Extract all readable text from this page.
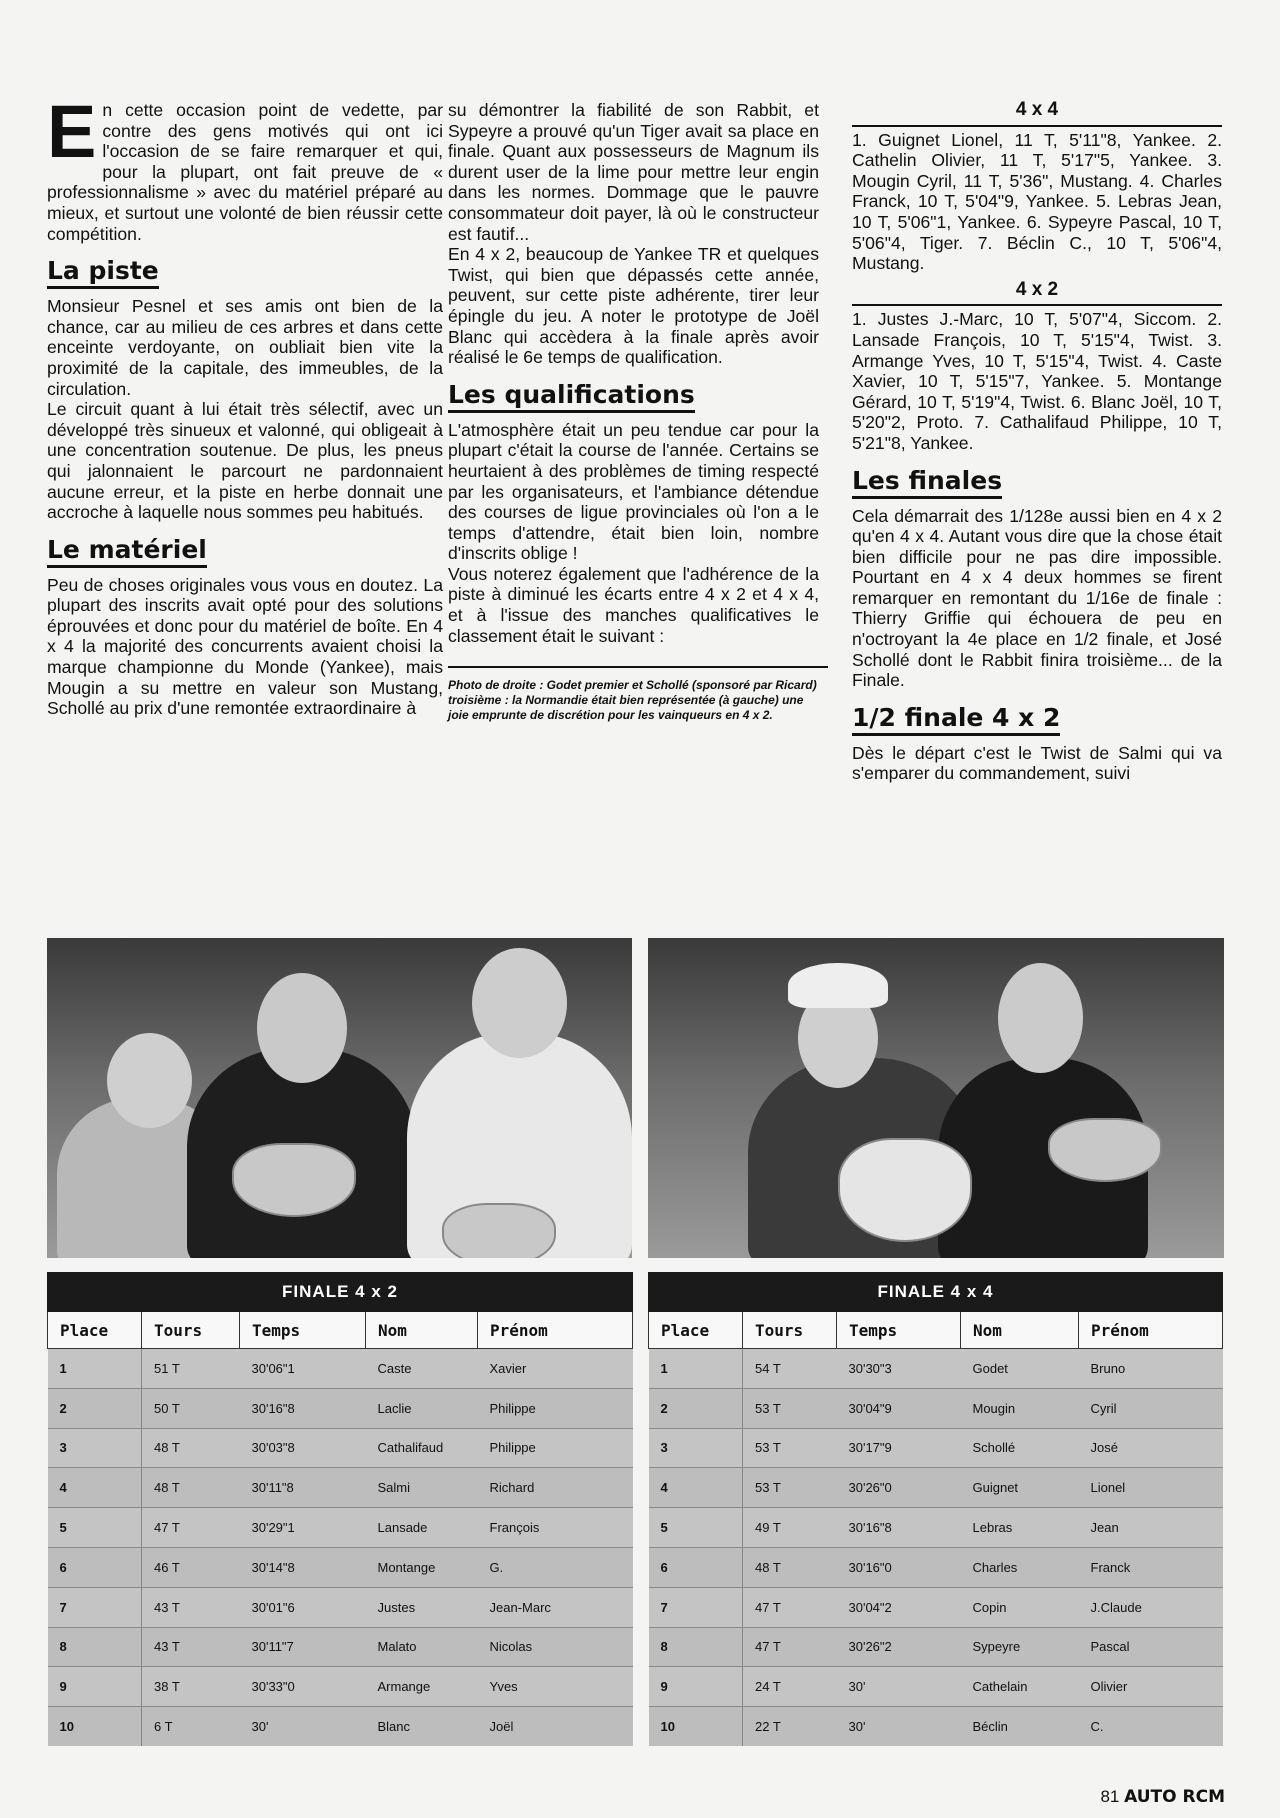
En cette occasion point de vedette, par contre des gens motivés qui ont ici l'occasion de se faire remarquer et qui, pour la plupart, ont fait preuve de « professionnalisme » avec du matériel préparé au mieux, et surtout une volonté de bien réussir cette compétition.

La piste

Monsieur Pesnel et ses amis ont bien de la chance, car au milieu de ces arbres et dans cette enceinte verdoyante, on oubliait bien vite la proximité de la capitale, des immeubles, de la circulation.

Le circuit quant à lui était très sélectif, avec un développé très sinueux et valonné, qui obligeait à une concentration soutenue. De plus, les pneus qui jalonnaient le parcourt ne pardonnaient aucune erreur, et la piste en herbe donnait une accroche à laquelle nous sommes peu habitués.

Le matériel

Peu de choses originales vous vous en doutez. La plupart des inscrits avait opté pour des solutions éprouvées et donc pour du matériel de boîte. En 4 x 4 la majorité des concurrents avaient choisi la marque championne du Monde (Yankee), mais Mougin a su mettre en valeur son Mustang, Schollé au prix d'une remontée extraordinaire à

su démontrer la fiabilité de son Rabbit, et Sypeyre a prouvé qu'un Tiger avait sa place en finale. Quant aux possesseurs de Magnum ils durent user de la lime pour mettre leur engin dans les normes. Dommage que le pauvre consommateur doit payer, là où le constructeur est fautif...

En 4 x 2, beaucoup de Yankee TR et quelques Twist, qui bien que dépassés cette année, peuvent, sur cette piste adhérente, tirer leur épingle du jeu. A noter le prototype de Joël Blanc qui accèdera à la finale après avoir réalisé le 6e temps de qualification.

Les qualifications

L'atmosphère était un peu tendue car pour la plupart c'était la course de l'année. Certains se heurtaient à des problèmes de timing respecté par les organisateurs, et l'ambiance détendue des courses de ligue provinciales où l'on a le temps d'attendre, était bien loin, nombre d'inscrits oblige !

Vous noterez également que l'adhérence de la piste à diminué les écarts entre 4 x 2 et 4 x 4, et à l'issue des manches qualificatives le classement était le suivant :

Photo de droite : Godet premier et Schollé (sponsoré par Ricard) troisième : la Normandie était bien représentée (à gauche) une joie emprunte de discrétion pour les vainqueurs en 4 x 2.

4 x 4

1. Guignet Lionel, 11 T, 5'11"8, Yankee. 2. Cathelin Olivier, 11 T, 5'17"5, Yankee. 3. Mougin Cyril, 11 T, 5'36", Mustang. 4. Charles Franck, 10 T, 5'04"9, Yankee. 5. Lebras Jean, 10 T, 5'06"1, Yankee. 6. Sypeyre Pascal, 10 T, 5'06"4, Tiger. 7. Béclin C., 10 T, 5'06"4, Mustang.

4 x 2

1. Justes J.-Marc, 10 T, 5'07"4, Siccom. 2. Lansade François, 10 T, 5'15"4, Twist. 3. Armange Yves, 10 T, 5'15"4, Twist. 4. Caste Xavier, 10 T, 5'15"7, Yankee. 5. Montange Gérard, 10 T, 5'19"4, Twist. 6. Blanc Joël, 10 T, 5'20"2, Proto. 7. Cathalifaud Philippe, 10 T, 5'21"8, Yankee.

Les finales

Cela démarrait des 1/128e aussi bien en 4 x 2 qu'en 4 x 4. Autant vous dire que la chose était bien difficile pour ne pas dire impossible. Pourtant en 4 x 4 deux hommes se firent remarquer en remontant du 1/16e de finale : Thierry Griffie qui échouera de peu en n'octroyant la 4e place en 1/2 finale, et José Schollé dont le Rabbit finira troisième... de la Finale.

1/2 finale 4 x 2

Dès le départ c'est le Twist de Salmi qui va s'emparer du commandement, suivi

FINALE 4 x 2				
Place	Tours	Temps	Nom	Prénom
1	51 T	30'06"1	Caste	Xavier
2	50 T	30'16"8	Laclie	Philippe
3	48 T	30'03"8	Cathalifaud	Philippe
4	48 T	30'11"8	Salmi	Richard
5	47 T	30'29"1	Lansade	François
6	46 T	30'14"8	Montange	G.
7	43 T	30'01"6	Justes	Jean-Marc
8	43 T	30'11"7	Malato	Nicolas
9	38 T	30'33"0	Armange	Yves
10	6 T	30'	Blanc	Joël
FINALE 4 x 4				
Place	Tours	Temps	Nom	Prénom
1	54 T	30'30"3	Godet	Bruno
2	53 T	30'04"9	Mougin	Cyril
3	53 T	30'17"9	Schollé	José
4	53 T	30'26"0	Guignet	Lionel
5	49 T	30'16"8	Lebras	Jean
6	48 T	30'16"0	Charles	Franck
7	47 T	30'04"2	Copin	J.Claude
8	47 T	30'26"2	Sypeyre	Pascal
9	24 T	30'	Cathelain	Olivier
10	22 T	30'	Béclin	C.
81 AUTO RCM
